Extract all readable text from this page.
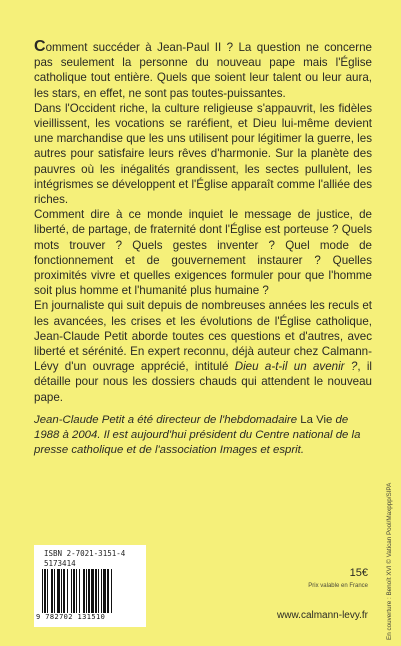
Comment succéder à Jean-Paul II ? La question ne concerne pas seulement la personne du nouveau pape mais l'Église catholique tout entière. Quels que soient leur talent ou leur aura, les stars, en effet, ne sont pas toutes-puissantes.

Dans l'Occident riche, la culture religieuse s'appauvrit, les fidèles vieillissent, les vocations se raréfient, et Dieu lui-même devient une marchandise que les uns utilisent pour légitimer la guerre, les autres pour satisfaire leurs rêves d'harmonie. Sur la planète des pauvres où les inégalités grandissent, les sectes pullulent, les intégrismes se développent et l'Église apparaît comme l'alliée des riches.

Comment dire à ce monde inquiet le message de justice, de liberté, de partage, de fraternité dont l'Église est porteuse ? Quels mots trouver ? Quels gestes inventer ? Quel mode de fonctionnement et de gouvernement instaurer ? Quelles proximités vivre et quelles exigences formuler pour que l'homme soit plus homme et l'humanité plus humaine ?

En journaliste qui suit depuis de nombreuses années les reculs et les avancées, les crises et les évolutions de l'Église catholique, Jean-Claude Petit aborde toutes ces questions et d'autres, avec liberté et sérénité. En expert reconnu, déjà auteur chez Calmann-Lévy d'un ouvrage apprécié, intitulé Dieu a-t-il un avenir ?, il détaille pour nous les dossiers chauds qui attendent le nouveau pape.

Jean-Claude Petit a été directeur de l'hebdomadaire La Vie de 1988 à 2004. Il est aujourd'hui président du Centre national de la presse catholique et de l'association Images et esprit.

ISBN 2-7021-3151-4
5173414
9 782702 131510
15€
Prix valable en France
www.calmann-levy.fr	En couverture : Benoît XVI © Vatican Pool/Maxppp/SIPA
